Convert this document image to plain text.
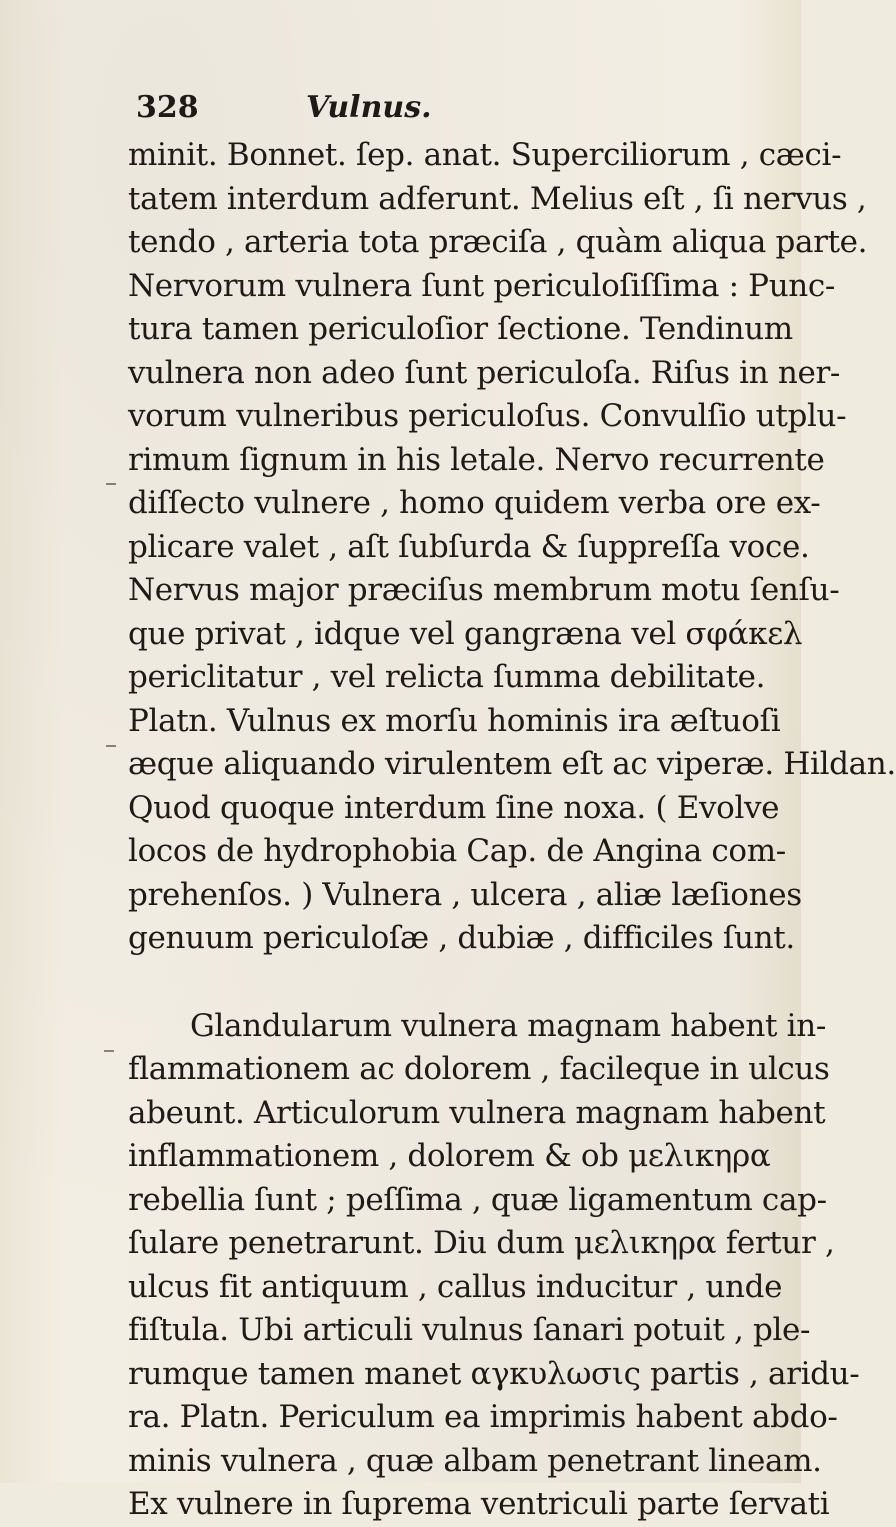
328	Vulnus.
minit. Bonnet. ſep. anat. Superciliorum , cæci-
tatem interdum adferunt. Melius eſt , ſi nervus ,
tendo , arteria tota præciſa , quàm aliqua parte.
Nervorum vulnera ſunt periculoſiſſima : Punc-
tura tamen periculoſior ſectione. Tendinum
vulnera non adeo ſunt periculoſa. Riſus in ner-
vorum vulneribus periculoſus. Convulſio utplu-
rimum ſignum in his letale. Nervo recurrente
diſſecto vulnere , homo quidem verba ore ex-
plicare valet , aſt ſubſurda & ſuppreſſa voce.
Nervus major præciſus membrum motu ſenſu-
que privat , idque vel gangræna vel σφάκελ
periclitatur , vel relicta ſumma debilitate.
Platn. Vulnus ex morſu hominis ira æſtuoſi
æque aliquando virulentem eſt ac viperæ. Hildan.
Quod quoque interdum ſine noxa. ( Evolve
locos de hydrophobia Cap. de Angina com-
prehenſos. ) Vulnera , ulcera , aliæ læſiones
genuum periculoſæ , dubiæ , difficiles ſunt.
Glandularum vulnera magnam habent in-
flammationem ac dolorem , facileque in ulcus
abeunt. Articulorum vulnera magnam habent
inflammationem , dolorem & ob μελικηρα
rebellia ſunt ; peſſima , quæ ligamentum cap-
ſulare penetrarunt. Diu dum μελικηρα fertur ,
ulcus fit antiquum , callus inducitur , unde
fiſtula. Ubi articuli vulnus ſanari potuit , ple-
rumque tamen manet αγκυλωσις partis , aridu-
ra. Platn. Periculum ea imprimis habent abdo-
minis vulnera , quæ albam penetrant lineam.
Ex vulnere in ſuprema ventriculi parte ſervati
